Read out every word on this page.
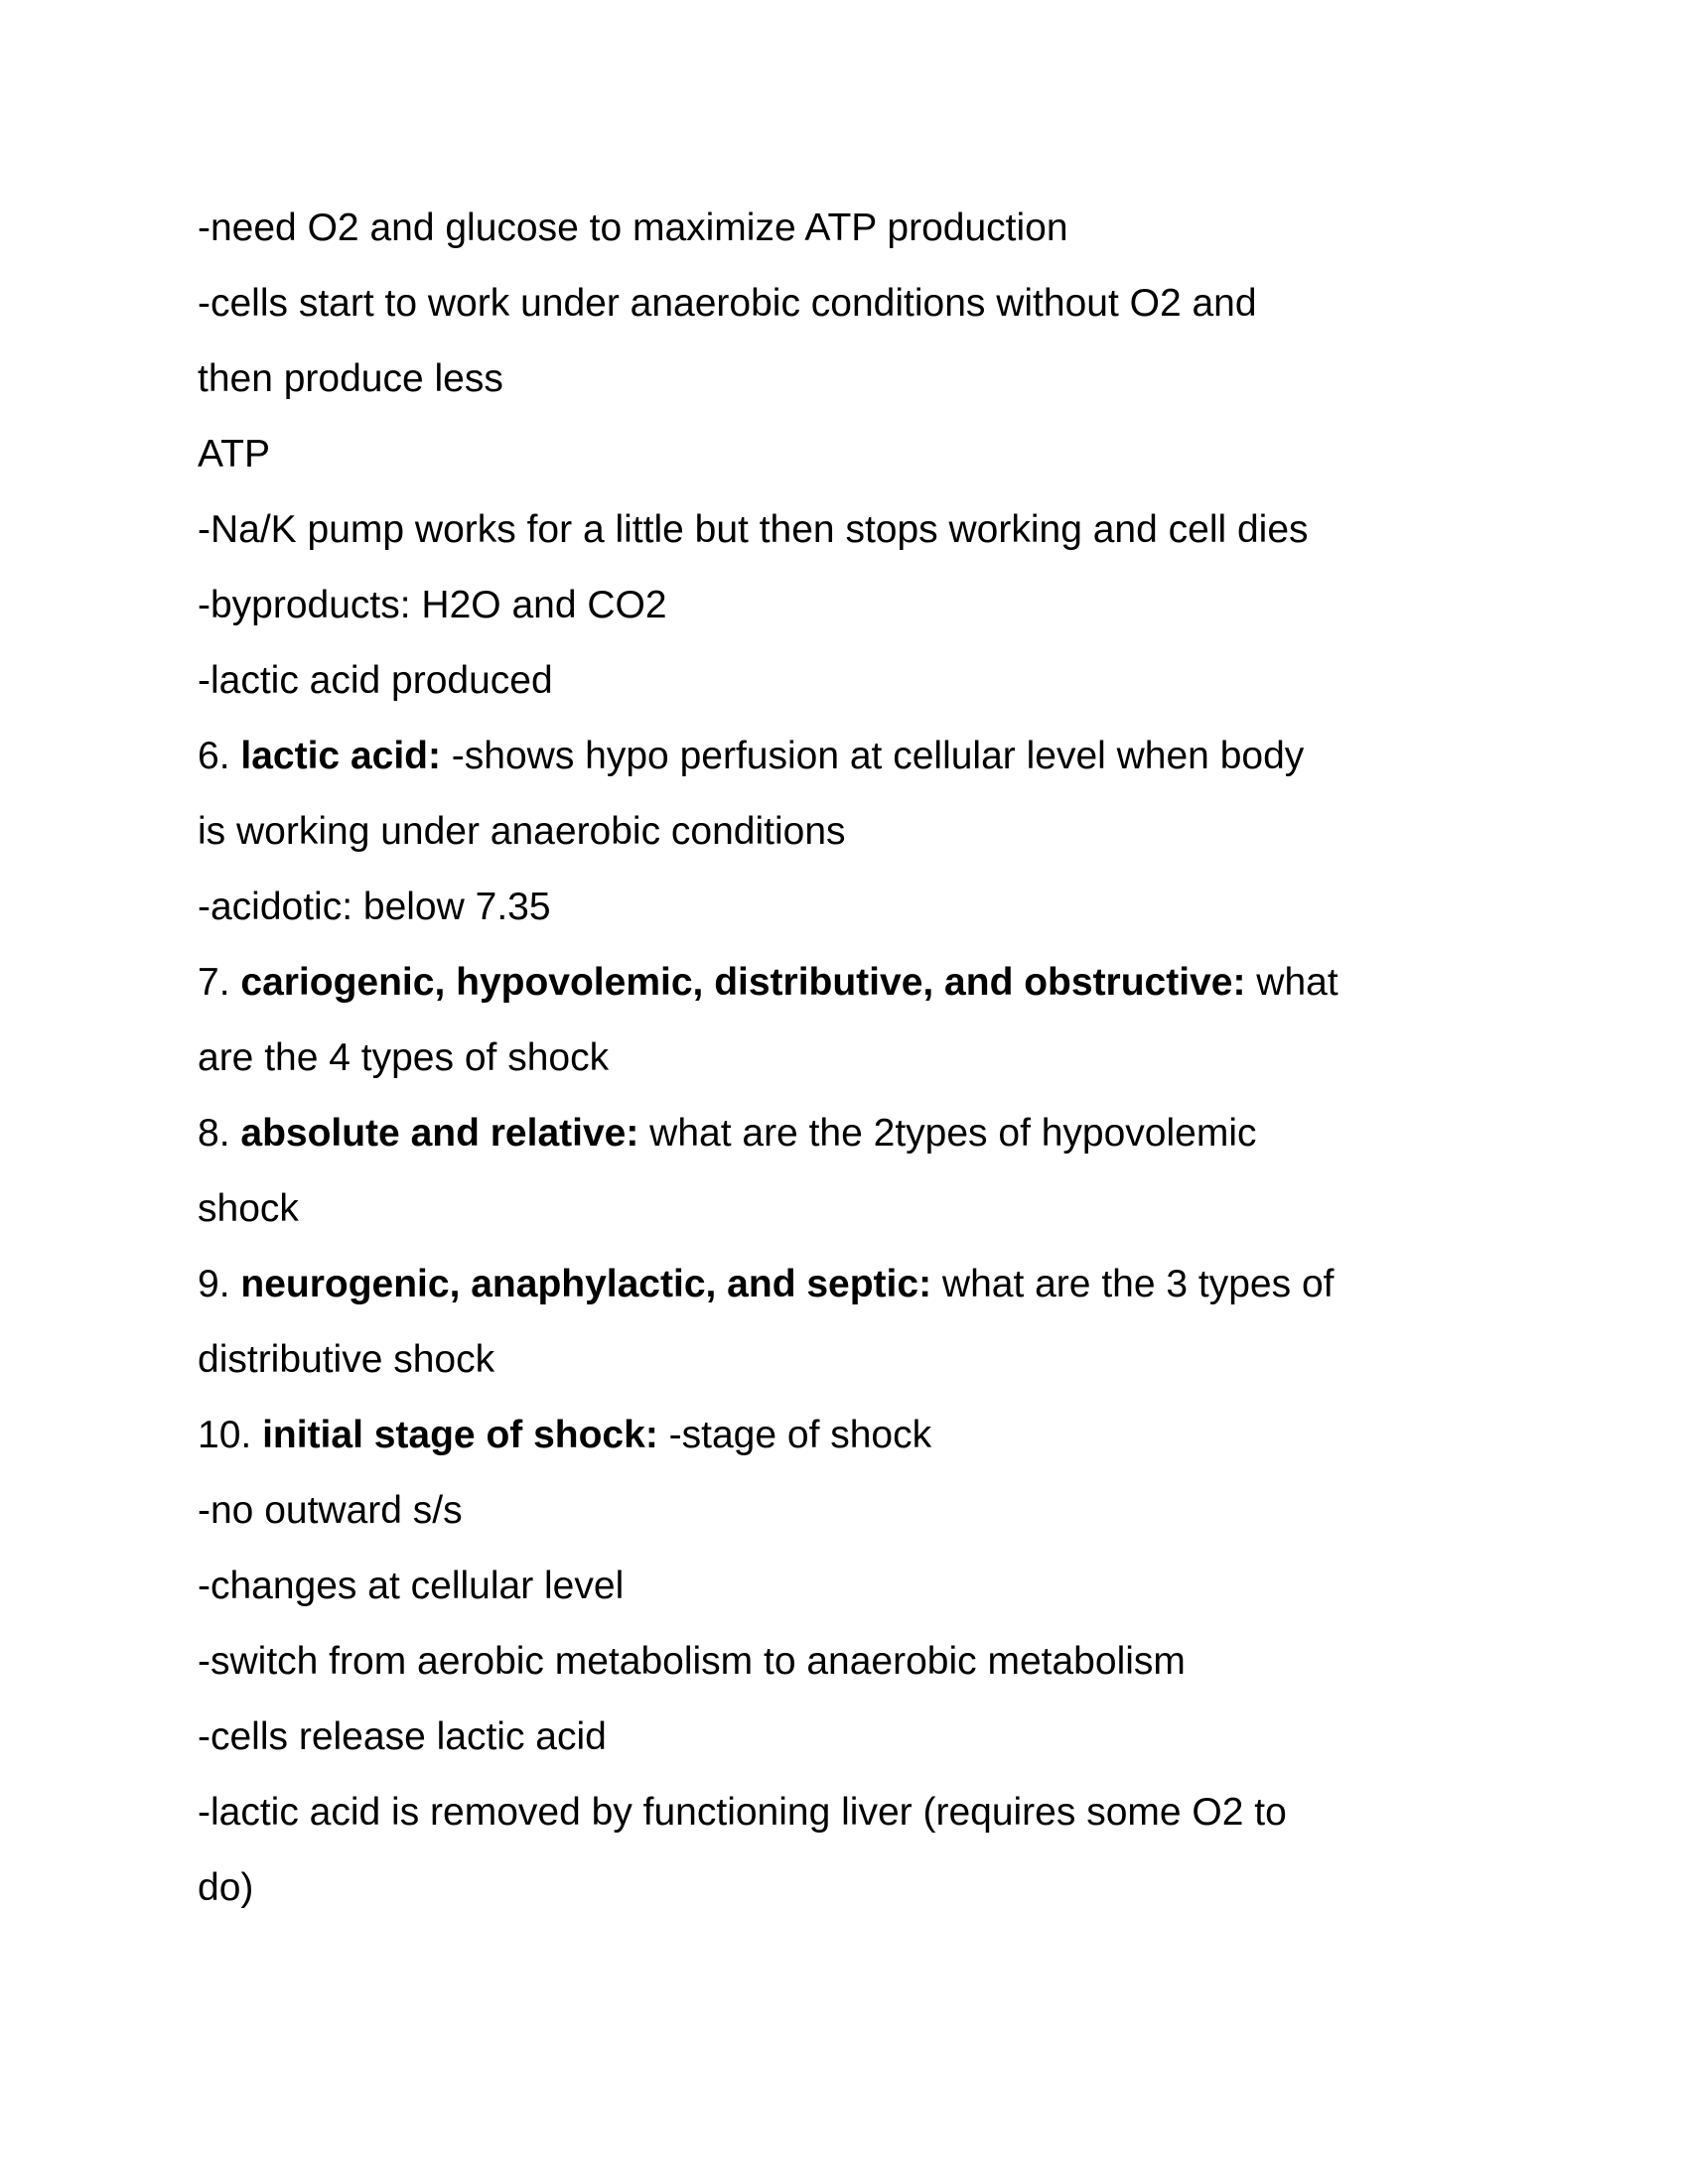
-need O2 and glucose to maximize ATP production
-cells start to work under anaerobic conditions without O2 and
then produce less
ATP
-Na/K pump works for a little but then stops working and cell dies
-byproducts: H2O and CO2
-lactic acid produced
6. lactic acid: -shows hypo perfusion at cellular level when body
is working under anaerobic conditions
-acidotic: below 7.35
7. cariogenic, hypovolemic, distributive, and obstructive: what
are the 4 types of shock
8. absolute and relative: what are the 2types of hypovolemic
shock
9. neurogenic, anaphylactic, and septic: what are the 3 types of
distributive shock
10. initial stage of shock: -stage of shock
-no outward s/s
-changes at cellular level
-switch from aerobic metabolism to anaerobic metabolism
-cells release lactic acid
-lactic acid is removed by functioning liver (requires some O2 to
do)
